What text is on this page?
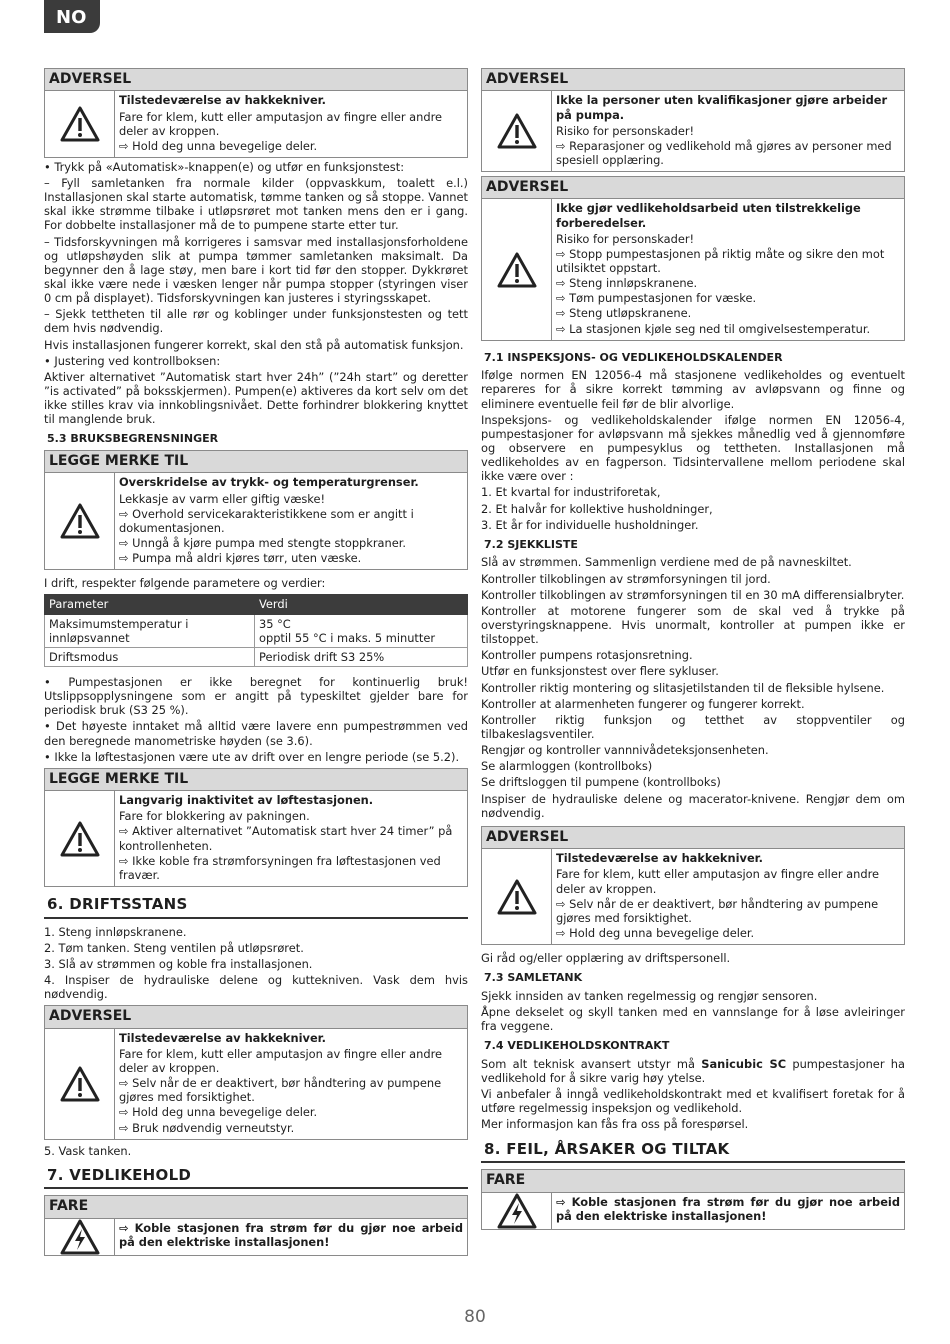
NO
ADVERSEL
Tilstedeværelse av hakkekniver.
Fare for klem, kutt eller amputasjon av fingre eller andre deler av kroppen.
⇨ Hold deg unna bevegelige deler.

• Trykk på «Automatisk»-knappen(e) og utfør en funksjonstest:

– Fyll samletanken fra normale kilder (oppvaskkum, toalett e.l.) Installasjonen skal starte automatisk, tømme tanken og så stoppe. Vannet skal ikke strømme tilbake i utløpsrøret mot tanken mens den er i gang. For dobbelte installasjoner må de to pumpene starte etter tur.

– Tidsforskyvningen må korrigeres i samsvar med installasjonsforholdene og utløpshøyden slik at pumpa tømmer samletanken maksimalt. Da begynner den å lage støy, men bare i kort tid før den stopper. Dykkrøret skal ikke være nede i væsken lenger når pumpa stopper (styringen viser 0 cm på displayet). Tidsforskyvningen kan justeres i styringsskapet.

– Sjekk tettheten til alle rør og koblinger under funksjonstesten og tett dem hvis nødvendig.

Hvis installasjonen fungerer korrekt, skal den stå på automatisk funksjon.

• Justering ved kontrollboksen:

Aktiver alternativet ”Automatisk start hver 24h” (”24h start” og deretter ”is activated” på boksskjermen). Pumpen(e) aktiveres da kort selv om det ikke stilles krav via innkoblingsnivået. Dette forhindrer blokkering knyttet til manglende bruk.

5.3 BRUKSBEGRENSNINGER
LEGGE MERKE TIL
Overskridelse av trykk- og temperaturgrenser.
Lekkasje av varm eller giftig væske!
⇨ Overhold servicekarakteristikkene som er angitt i dokumentasjonen.
⇨ Unngå å kjøre pumpa med stengte stoppkraner.
⇨ Pumpa må aldri kjøres tørr, uten væske.

I drift, respekter følgende parametere og verdier:

Parameter	Verdi
Maksimumstemperatur i innløpsvannet	35 °C
opptil 55 °C i maks. 5 minutter
Driftsmodus	Periodisk drift S3 25%

• Pumpestasjonen er ikke beregnet for kontinuerlig bruk! Utslippsopplysningene som er angitt på typeskiltet gjelder bare for periodisk bruk (S3 25 %).

• Det høyeste inntaket må alltid være lavere enn pumpestrømmen ved den beregnede manometriske høyden (se 3.6).

• Ikke la løftestasjonen være ute av drift over en lengre periode (se 5.2).

LEGGE MERKE TIL
Langvarig inaktivitet av løftestasjonen.
Fare for blokkering av pakningen.
⇨ Aktiver alternativet ”Automatisk start hver 24 timer” på kontrollenheten.
⇨ Ikke koble fra strømforsyningen fra løftestasjonen ved fravær.
6. DRIFTSSTANS

1. Steng innløpskranene.

2. Tøm tanken. Steng ventilen på utløpsrøret.

3. Slå av strømmen og koble fra installasjonen.

4. Inspiser de hydrauliske delene og kuttekniven. Vask dem hvis nødvendig.

ADVERSEL
Tilstedeværelse av hakkekniver.
Fare for klem, kutt eller amputasjon av fingre eller andre deler av kroppen.
⇨ Selv når de er deaktivert, bør håndtering av pumpene gjøres med forsiktighet.
⇨ Hold deg unna bevegelige deler.
⇨ Bruk nødvendig verneutstyr.

5. Vask tanken.

7. VEDLIKEHOLD
FARE
⇨ Koble stasjonen fra strøm før du gjør noe arbeid på den elektriske installasjonen!
ADVERSEL
Ikke la personer uten kvalifikasjoner gjøre arbeider på pumpa.
Risiko for personskader!
⇨ Reparasjoner og vedlikehold må gjøres av personer med spesiell opplæring.
ADVERSEL
Ikke gjør vedlikeholdsarbeid uten tilstrekkelige forberedelser.
Risiko for personskader!
⇨ Stopp pumpestasjonen på riktig måte og sikre den mot utilsiktet oppstart.
⇨ Steng innløpskranene.
⇨ Tøm pumpestasjonen for væske.
⇨ Steng utløpskranene.
⇨ La stasjonen kjøle seg ned til omgivelsestemperatur.
7.1 INSPEKSJONS- OG VEDLIKEHOLDSKALENDER

Ifølge normen EN 12056-4 må stasjonene vedlikeholdes og eventuelt repareres for å sikre korrekt tømming av avløpsvann og finne og eliminere eventuelle feil før de blir alvorlige.

Inspeksjons- og vedlikeholdskalender ifølge normen EN 12056-4, pumpestasjoner for avløpsvann må sjekkes månedlig ved å gjennomføre og observere en pumpesyklus og tettheten. Installasjonen må vedlikeholdes av en fagperson. Tidsintervallene mellom periodene skal ikke være over :

1. Et kvartal for industriforetak,

2. Et halvår for kollektive husholdninger,

3. Et år for individuelle husholdninger.

7.2 SJEKKLISTE

Slå av strømmen. Sammenlign verdiene med de på navneskiltet.

Kontroller tilkoblingen av strømforsyningen til jord.

Kontroller tilkoblingen av strømforsyningen til en 30 mA differensialbryter.

Kontroller at motorene fungerer som de skal ved å trykke på overstyringsknappene. Hvis unormalt, kontroller at pumpen ikke er tilstoppet.

Kontroller pumpens rotasjonsretning.

Utfør en funksjonstest over flere sykluser.

Kontroller riktig montering og slitasjetilstanden til de fleksible hylsene.

Kontroller at alarmenheten fungerer og fungerer korrekt.

Kontroller riktig funksjon og tetthet av stoppventiler og tilbakeslagsventiler.

Rengjør og kontroller vannnivådeteksjonsenheten.

Se alarmloggen (kontrollboks)

Se driftsloggen til pumpene (kontrollboks)

Inspiser de hydrauliske delene og macerator-knivene. Rengjør dem om nødvendig.

ADVERSEL
Tilstedeværelse av hakkekniver.
Fare for klem, kutt eller amputasjon av fingre eller andre deler av kroppen.
⇨ Selv når de er deaktivert, bør håndtering av pumpene gjøres med forsiktighet.
⇨ Hold deg unna bevegelige deler.

Gi råd og/eller opplæring av driftspersonell.

7.3 SAMLETANK

Sjekk innsiden av tanken regelmessig og rengjør sensoren.

Åpne dekselet og skyll tanken med en vannslange for å løse avleiringer fra veggene.

7.4 VEDLIKEHOLDSKONTRAKT

Som alt teknisk avansert utstyr må Sanicubic SC pumpestasjoner ha vedlikehold for å sikre varig høy ytelse.

Vi anbefaler å inngå vedlikeholdskontrakt med et kvalifisert foretak for å utføre regelmessig inspeksjon og vedlikehold.

Mer informasjon kan fås fra oss på forespørsel.

8. FEIL, ÅRSAKER OG TILTAK
FARE
⇨ Koble stasjonen fra strøm før du gjør noe arbeid på den elektriske installasjonen!
80
